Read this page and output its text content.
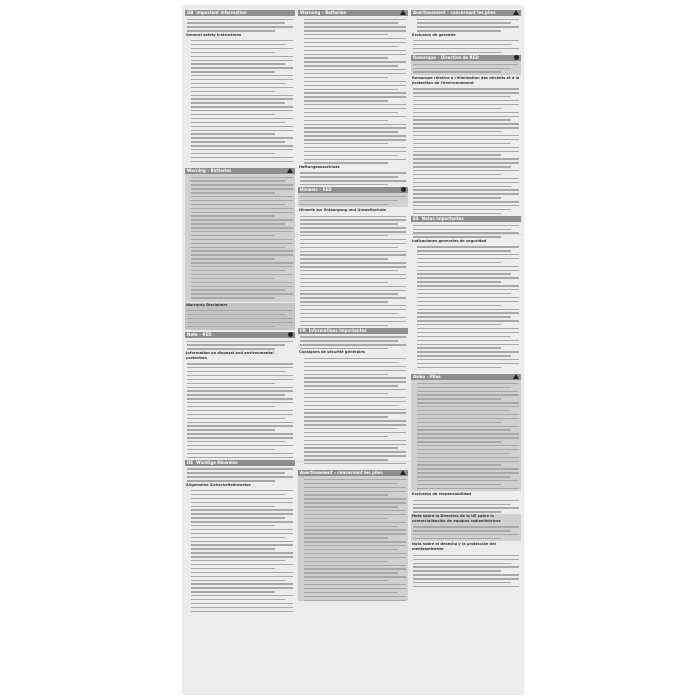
GB Important information
General safety instructions
Warning – Batteries
Warranty Disclaimer
Note – RED
Information on disposal and environmental protection
DE Wichtige Hinweise
Allgemeine Sicherheitshinweise
Warnung – Batterien
Haftungsausschluss
Hinweis – RED
Hinweis zur Entsorgung und Umweltschutz
FR Informations importantes
Consignes de sécurité générales
Avertissement – concernant les piles
Avertissement – concernant les piles
Exclusion de garantie
Remarque – Directive de RED
Remarque relative à l'élimination des déchets et à la protection de l'environnement
ES Notas importantes
Indicaciones generales de seguridad
Aviso – Pilas
Exclusión de responsabilidad
Nota sobre la Directiva de la UE sobre la comercialización de equipos radioeléctricos
Nota sobre el desecho y la protección del medioambiente
